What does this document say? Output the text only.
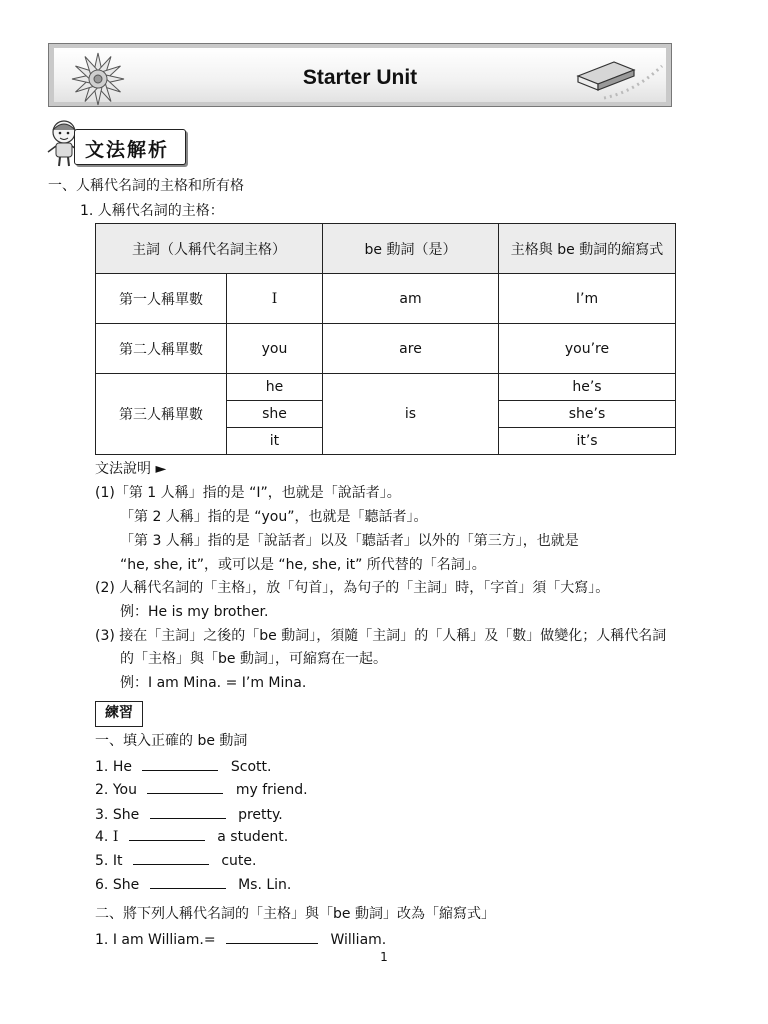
Starter Unit
文法解析
一、人稱代名詞的主格和所有格
1. 人稱代名詞的主格：
主詞（人稱代名詞主格）		be 動詞（是）	主格與 be 動詞的縮寫式
第一人稱單數	I	am	I’m
第二人稱單數	you	are	you’re
第三人稱單數	he	is	he’s
	she		she’s
	it		it’s
文法說明 ►
(1)「第 1 人稱」指的是 “I”，也就是「說話者」。
「第 2 人稱」指的是 “you”，也就是「聽話者」。
「第 3 人稱」指的是「說話者」以及「聽話者」以外的「第三方」，也就是
“he, she, it”，或可以是 “he, she, it” 所代替的「名詞」。
(2) 人稱代名詞的「主格」，放「句首」，為句子的「主詞」時，「字首」須「大寫」。
例：He is my brother.
(3) 接在「主詞」之後的「be 動詞」，須隨「主詞」的「人稱」及「數」做變化；人稱代名詞
的「主格」與「be 動詞」，可縮寫在一起。
例：I am Mina. = I’m Mina.
練習
一、填入正確的 be 動詞
1. He	Scott.
2. You	my friend.
3. She	pretty.
4. I	a student.
5. It	cute.
6. She	Ms. Lin.
二、將下列人稱代名詞的「主格」與「be 動詞」改為「縮寫式」
1. I am William.=	William.
1
